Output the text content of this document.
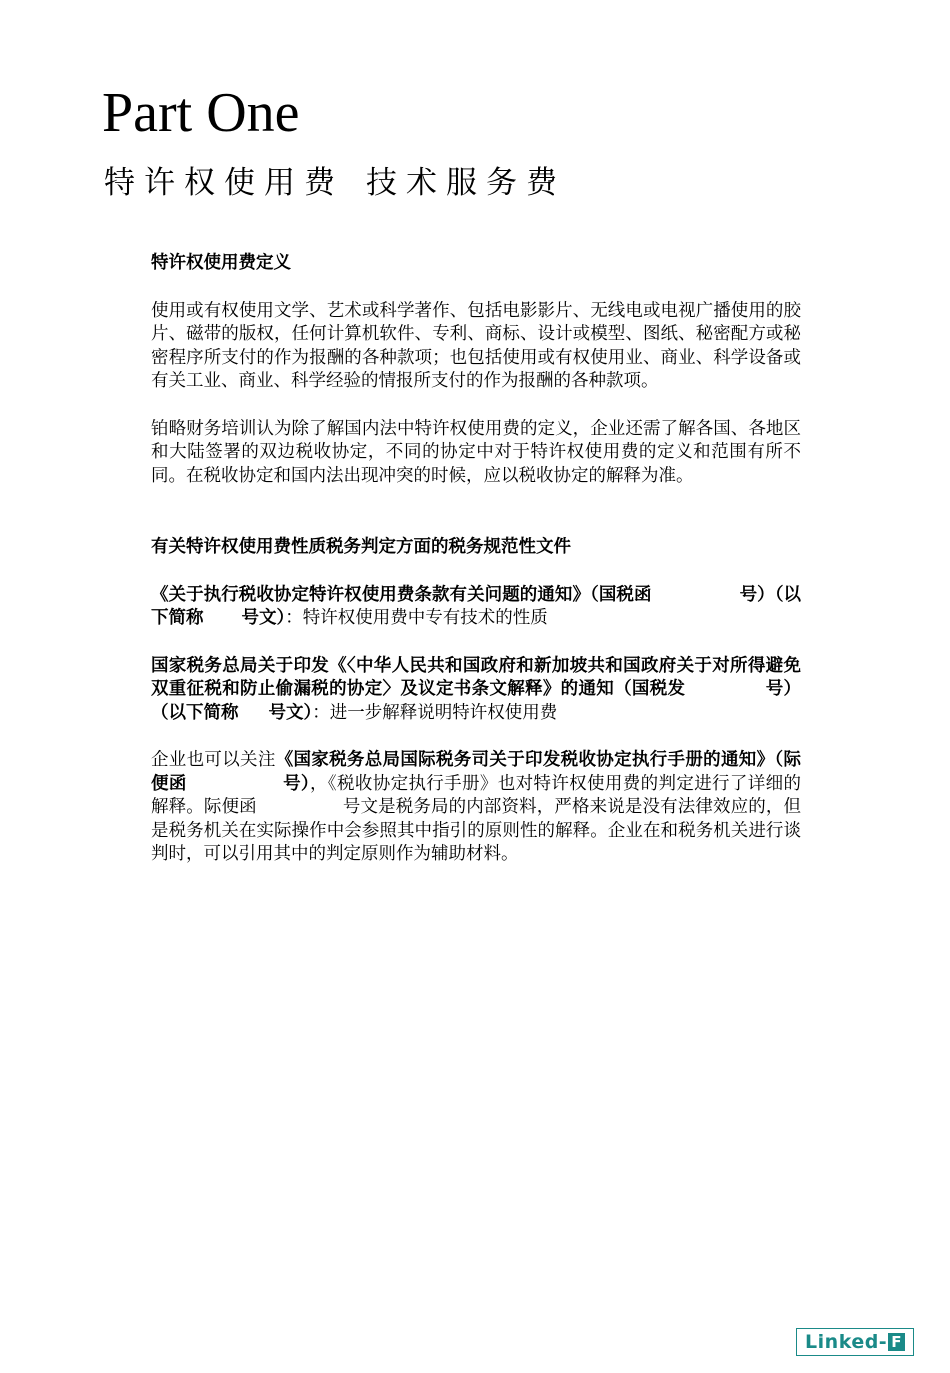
Part One
特许权使用费 技术服务费

特许权使用费定义

使用或有权使用文学、艺术或科学著作、包括电影影片、无线电或电视广播使用的胶片、磁带的版权，任何计算机软件、专利、商标、设计或模型、图纸、秘密配方或秘密程序所支付的作为报酬的各种款项；也包括使用或有权使用业、商业、科学设备或有关工业、商业、科学经验的情报所支付的作为报酬的各种款项。

铂略财务培训认为除了解国内法中特许权使用费的定义，企业还需了解各国、各地区和大陆签署的双边税收协定，不同的协定中对于特许权使用费的定义和范围有所不同。在税收协定和国内法出现冲突的时候，应以税收协定的解释为准。

有关特许权使用费性质税务判定方面的税务规范性文件

《关于执行税收协定特许权使用费条款有关问题的通知》（国税函	号）（以下简称 号文）：特许权使用费中专有技术的性质

国家税务总局关于印发《〈中华人民共和国政府和新加坡共和国政府关于对所得避免双重征税和防止偷漏税的协定〉及议定书条文解释》的通知（国税发	号）（以下简称 号文）：进一步解释说明特许权使用费

企业也可以关注《国家税务总局国际税务司关于印发税收协定执行手册的通知》（际便函	号），《税收协定执行手册》也对特许权使用费的判定进行了详细的解释。际便函	号文是税务局的内部资料，严格来说是没有法律效应的，但是税务机关在实际操作中会参照其中指引的原则性的解释。企业在和税务机关进行谈判时，可以引用其中的判定原则作为辅助材料。

Linked- F
